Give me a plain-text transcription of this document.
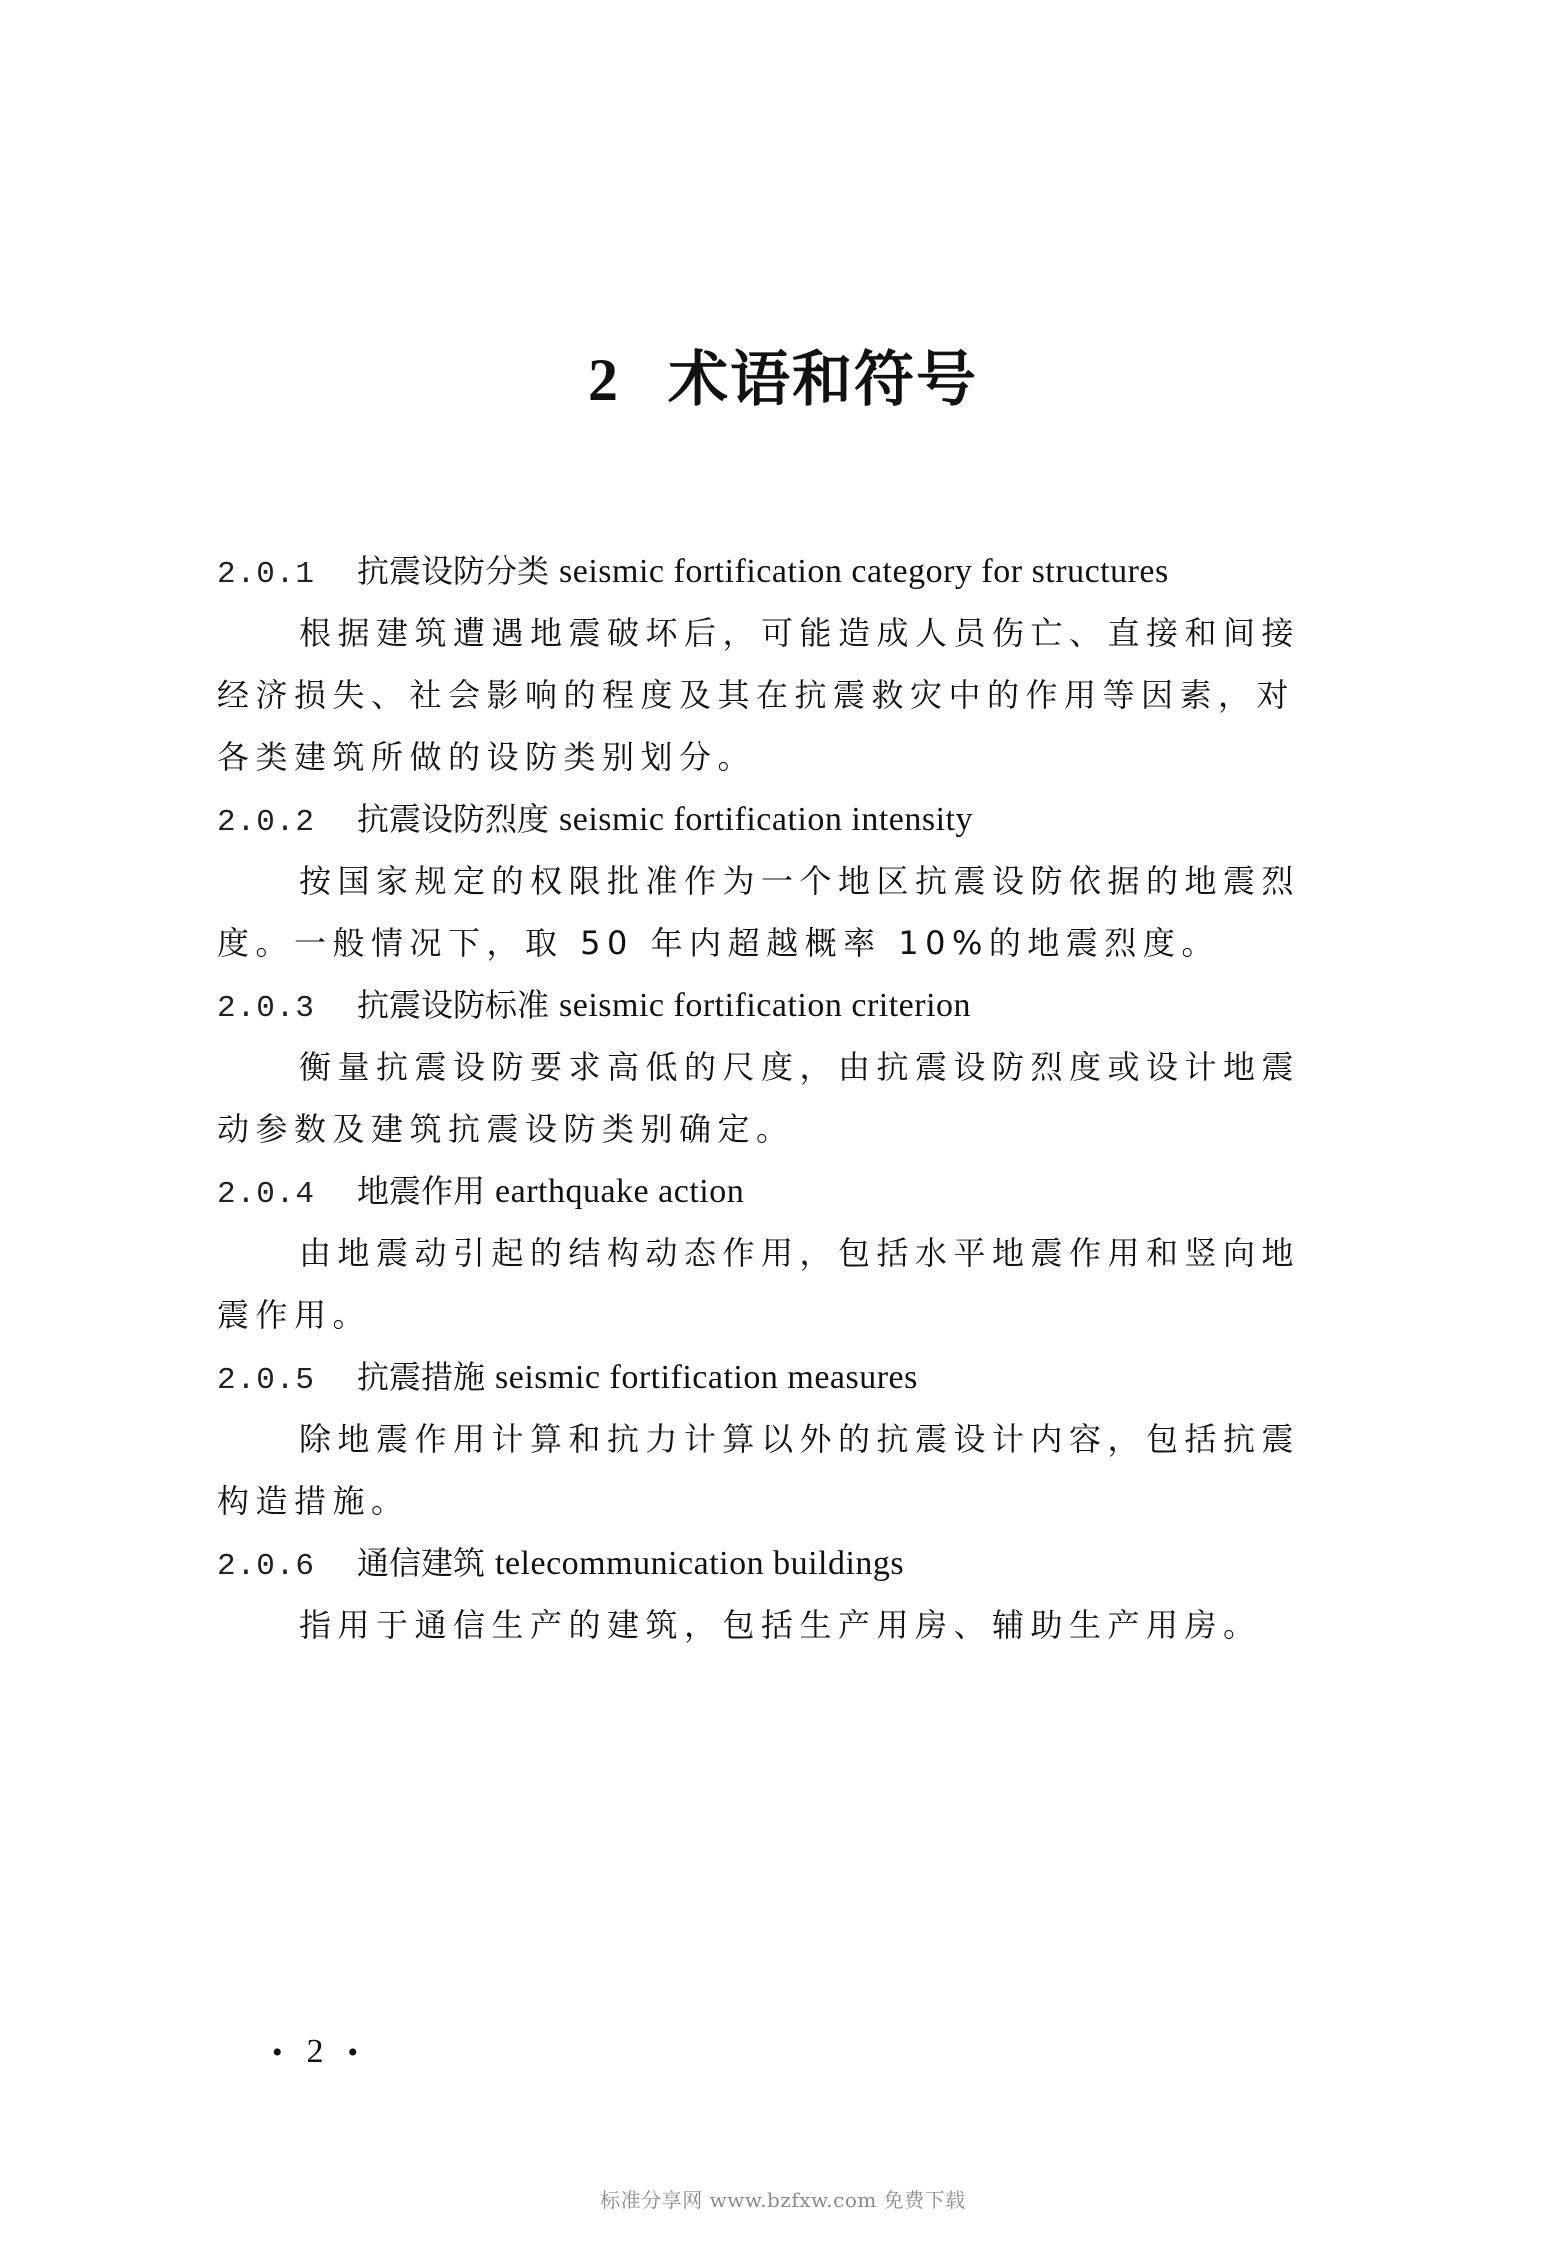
2 术语和符号
2.0.1 抗震设防分类 seismic fortification category for structures
根据建筑遭遇地震破坏后，可能造成人员伤亡、直接和间接
经济损失、社会影响的程度及其在抗震救灾中的作用等因素，对
各类建筑所做的设防类别划分。
2.0.2 抗震设防烈度 seismic fortification intensity
按国家规定的权限批准作为一个地区抗震设防依据的地震烈
度。一般情况下，取 50 年内超越概率 10%的地震烈度。
2.0.3 抗震设防标准 seismic fortification criterion
衡量抗震设防要求高低的尺度，由抗震设防烈度或设计地震
动参数及建筑抗震设防类别确定。
2.0.4 地震作用 earthquake action
由地震动引起的结构动态作用，包括水平地震作用和竖向地
震作用。
2.0.5 抗震措施 seismic fortification measures
除地震作用计算和抗力计算以外的抗震设计内容，包括抗震
构造措施。
2.0.6 通信建筑 telecommunication buildings
指用于通信生产的建筑，包括生产用房、辅助生产用房。
• 2 •
标准分享网 www.bzfxw.com 免费下载
